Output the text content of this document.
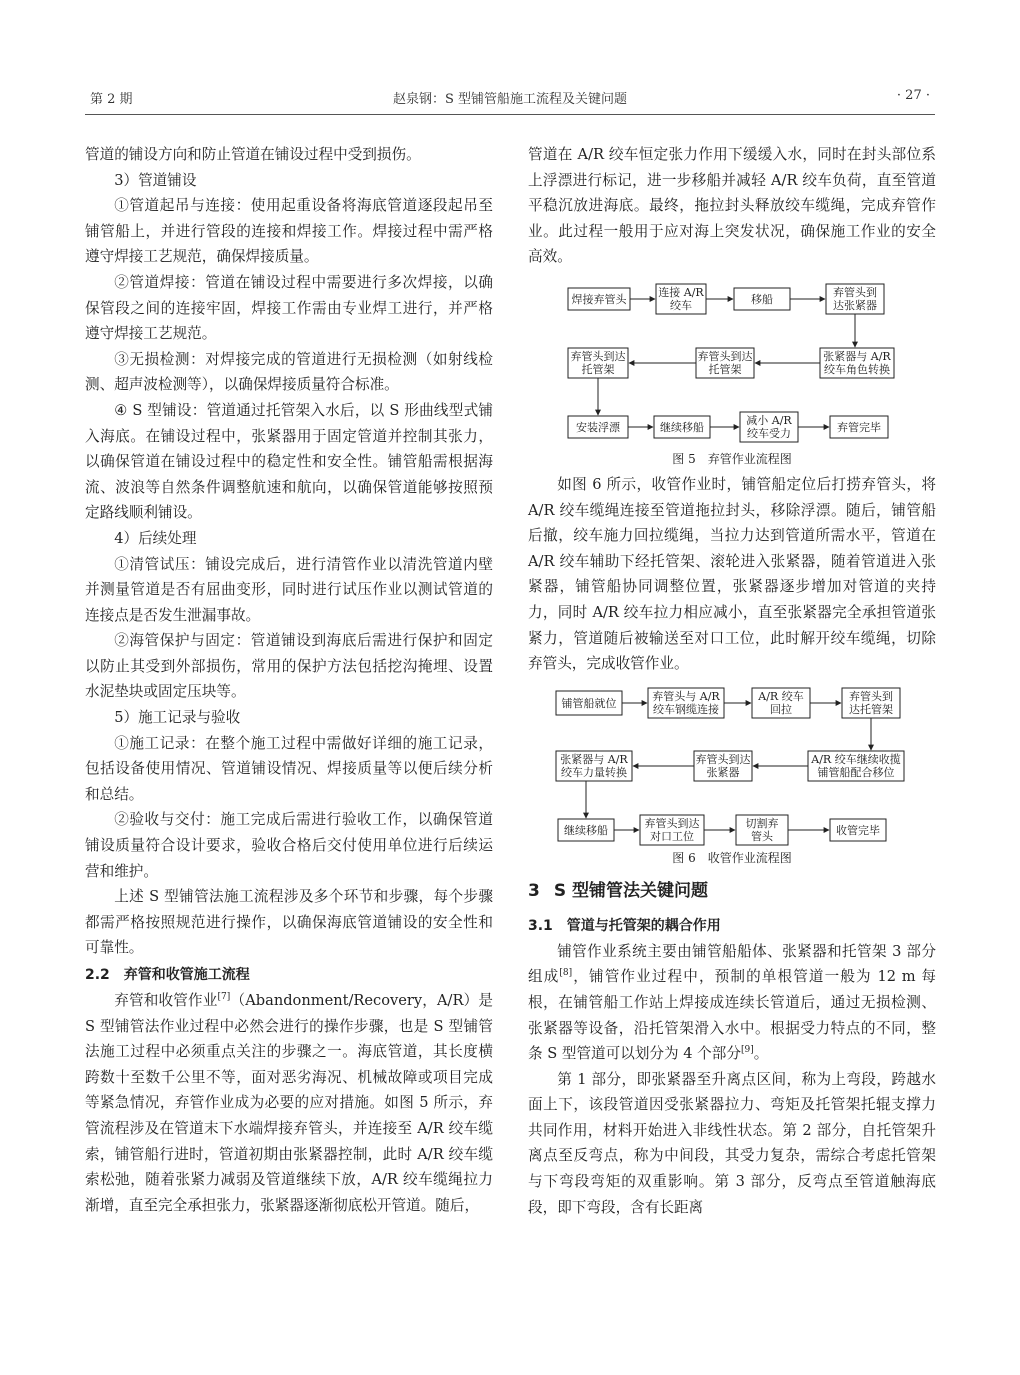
第 2 期	赵泉钢：S 型铺管船施工流程及关键问题	· 27 ·

管道的铺设方向和防止管道在铺设过程中受到损伤。

3）管道铺设

①管道起吊与连接：使用起重设备将海底管道逐段起吊至铺管船上，并进行管段的连接和焊接工作。焊接过程中需严格遵守焊接工艺规范，确保焊接质量。

②管道焊接：管道在铺设过程中需要进行多次焊接，以确保管段之间的连接牢固，焊接工作需由专业焊工进行，并严格遵守焊接工艺规范。

③无损检测：对焊接完成的管道进行无损检测（如射线检测、超声波检测等），以确保焊接质量符合标准。

④ S 型铺设：管道通过托管架入水后，以 S 形曲线型式铺入海底。在铺设过程中，张紧器用于固定管道并控制其张力，以确保管道在铺设过程中的稳定性和安全性。铺管船需根据海流、波浪等自然条件调整航速和航向，以确保管道能够按照预定路线顺利铺设。

4）后续处理

①清管试压：铺设完成后，进行清管作业以清洗管道内壁并测量管道是否有屈曲变形，同时进行试压作业以测试管道的连接点是否发生泄漏事故。

②海管保护与固定：管道铺设到海底后需进行保护和固定以防止其受到外部损伤，常用的保护方法包括挖沟掩埋、设置水泥垫块或固定压块等。

5）施工记录与验收

①施工记录：在整个施工过程中需做好详细的施工记录，包括设备使用情况、管道铺设情况、焊接质量等以便后续分析和总结。

②验收与交付：施工完成后需进行验收工作，以确保管道铺设质量符合设计要求，验收合格后交付使用单位进行后续运营和维护。

上述 S 型铺管法施工流程涉及多个环节和步骤，每个步骤都需严格按照规范进行操作，以确保海底管道铺设的安全性和可靠性。

2.2　弃管和收管施工流程

弃管和收管作业[7]（Abandonment/Recovery，A/R）是 S 型铺管法作业过程中必然会进行的操作步骤，也是 S 型铺管法施工过程中必须重点关注的步骤之一。海底管道，其长度横跨数十至数千公里不等，面对恶劣海况、机械故障或项目完成等紧急情况，弃管作业成为必要的应对措施。如图 5 所示，弃管流程涉及在管道末下水端焊接弃管头，并连接至 A/R 绞车缆索，铺管船行进时，管道初期由张紧器控制，此时 A/R 绞车缆索松弛，随着张紧力减弱及管道继续下放，A/R 绞车缆绳拉力渐增，直至完全承担张力，张紧器逐渐彻底松开管道。随后，

管道在 A/R 绞车恒定张力作用下缓缓入水，同时在封头部位系上浮漂进行标记，进一步移船并减轻 A/R 绞车负荷，直至管道平稳沉放进海底。最终，拖拉封头释放绞车缆绳，完成弃管作业。此过程一般用于应对海上突发状况，确保施工作业的安全高效。

焊接弃管头
连接 A/R
绞车	移船
弃管头到
达张紧器
张紧器与 A/R
绞车角色转换
弃管头到达
托管架
弃管头到达
托管架
安装浮漂	继续移船
减小 A/R
绞车受力	弃管完毕

图 5　弃管作业流程图

如图 6 所示，收管作业时，铺管船定位后打捞弃管头，将 A/R 绞车缆绳连接至管道拖拉封头，移除浮漂。随后，铺管船后撤，绞车施力回拉缆绳，当拉力达到管道所需水平，管道在 A/R 绞车辅助下经托管架、滚轮进入张紧器，随着管道进入张紧器，铺管船协同调整位置，张紧器逐步增加对管道的夹持力，同时 A/R 绞车拉力相应减小，直至张紧器完全承担管道张紧力，管道随后被输送至对口工位，此时解开绞车缆绳，切除弃管头，完成收管作业。

铺管船就位
弃管头与 A/R
绞车钢缆连接
A/R 绞车
回拉
弃管头到
达托管架
A/R 绞车继续收揽
铺管船配合移位
弃管头到达
张紧器
张紧器与 A/R
绞车力量转换
继续移船
弃管头到达
对口工位
切割弃
管头	收管完毕

图 6　收管作业流程图

3 S 型铺管法关键问题
3.1　管道与托管架的耦合作用

铺管作业系统主要由铺管船船体、张紧器和托管架 3 部分组成[8]，铺管作业过程中，预制的单根管道一般为 12 m 每根，在铺管船工作站上焊接成连续长管道后，通过无损检测、张紧器等设备，沿托管架滑入水中。根据受力特点的不同，整条 S 型管道可以划分为 4 个部分[9]。

第 1 部分，即张紧器至升离点区间，称为上弯段，跨越水面上下，该段管道因受张紧器拉力、弯矩及托管架托辊支撑力共同作用，材料开始进入非线性状态。第 2 部分，自托管架升离点至反弯点，称为中间段，其受力复杂，需综合考虑托管架与下弯段弯矩的双重影响。第 3 部分，反弯点至管道触海底段，即下弯段，含有长距离
